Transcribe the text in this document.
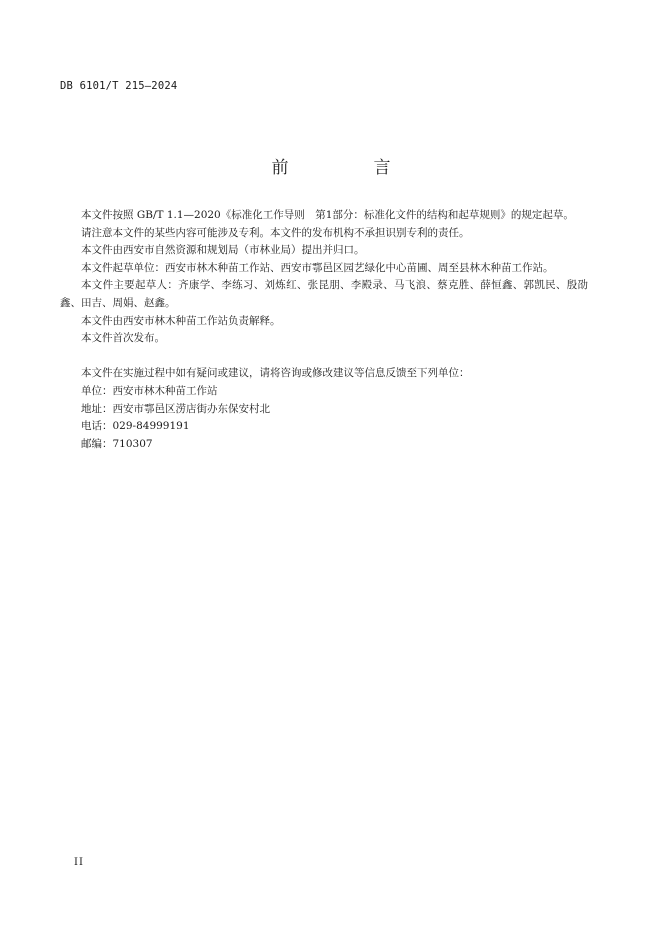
DB 6101/T 215—2024
前　言

本文件按照 GB/T 1.1—2020《标准化工作导则　第1部分：标准化文件的结构和起草规则》的规定起草。

请注意本文件的某些内容可能涉及专利。本文件的发布机构不承担识别专利的责任。

本文件由西安市自然资源和规划局（市林业局）提出并归口。

本文件起草单位：西安市林木种苗工作站、西安市鄠邑区园艺绿化中心苗圃、周至县林木种苗工作站。

本文件主要起草人：齐康学、李练习、刘炼红、张昆朋、李殿录、马飞浪、蔡克胜、薛恒鑫、郭凯民、殷劭鑫、田吉、周娟、赵鑫。

本文件由西安市林木种苗工作站负责解释。

本文件首次发布。

本文件在实施过程中如有疑问或建议，请将咨询或修改建议等信息反馈至下列单位：

单位：西安市林木种苗工作站

地址：西安市鄠邑区涝店街办东保安村北

电话：029-84999191

邮编：710307

II
